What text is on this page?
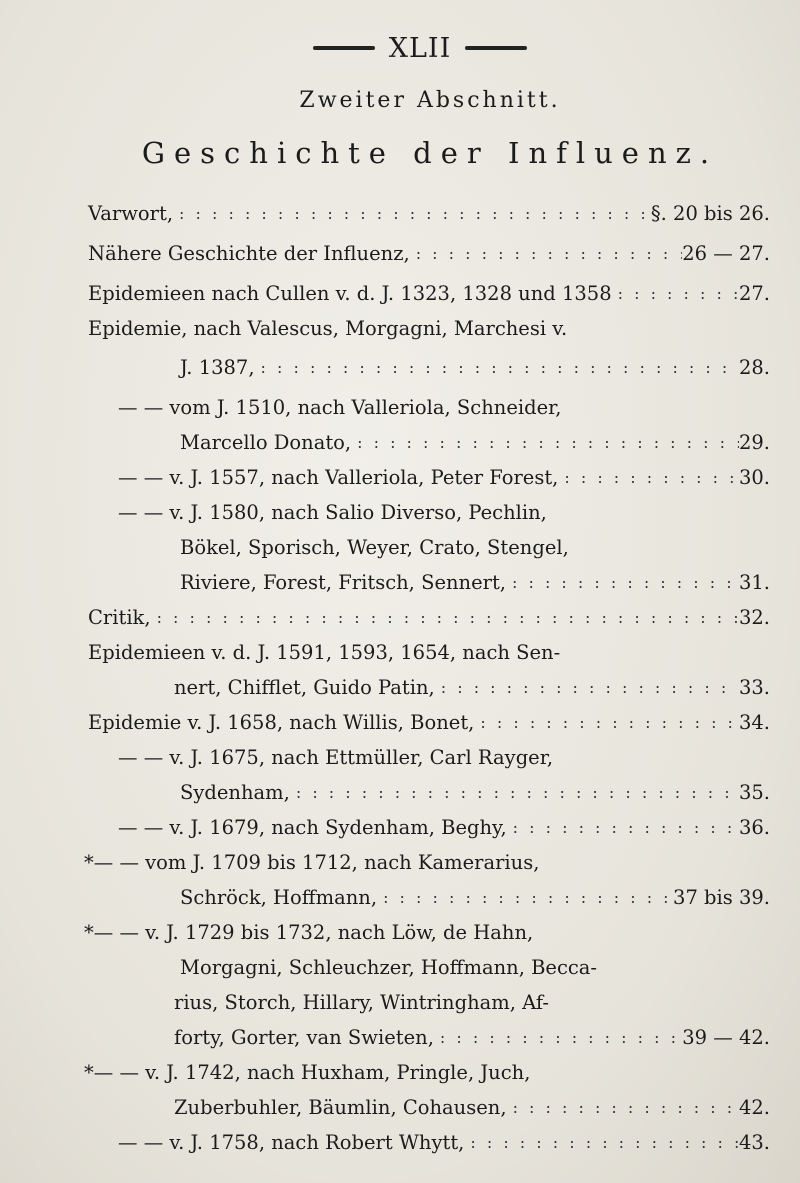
XLII
Zweiter Abschnitt.
Geschichte der Influenz.
Varwort, : : : : : : : : : : : : : : : : : : : : : : : : : : : : : : : : : : : : : : : : :	§. 20 bis 26.
Nähere Geschichte der Influenz, : : : : : : : : : : : : : : : : : : : : : : : : : : : : : : : : : : : : : : : : :	26 — 27.
Epidemieen nach Cullen v. d. J. 1323, 1328 und 1358 : : : : : : : : : : : : : : : : : : : : : : : : : : : : : : : : : : : : : : : : :	27.
Epidemie, nach Valescus, Morgagni, Marchesi v.
J. 1387, : : : : : : : : : : : : : : : : : : : : : : : : : : : : : : : : : : : : : : : : :	28.
— — vom J. 1510, nach Valleriola, Schneider,
Marcello Donato, : : : : : : : : : : : : : : : : : : : : : : : : : : : : : : : : : : : : : : : : :	29.
— — v. J. 1557, nach Valleriola, Peter Forest, : : : : : : : : : : : : : : : : : : : : : : : : : : : : : : : : : : : : : : : : :	30.
— — v. J. 1580, nach Salio Diverso, Pechlin,
Bökel, Sporisch, Weyer, Crato, Stengel,
Riviere, Forest, Fritsch, Sennert, : : : : : : : : : : : : : : : : : : : : : : : : : : : : : : : : : : : : : : : : :	31.
Critik, : : : : : : : : : : : : : : : : : : : : : : : : : : : : : : : : : : : : : : : : :	32.
Epidemieen v. d. J. 1591, 1593, 1654, nach Sen-
nert, Chifflet, Guido Patin, : : : : : : : : : : : : : : : : : : : : : : : : : : : : : : : : : : : : : : : : :	33.
Epidemie v. J. 1658, nach Willis, Bonet, : : : : : : : : : : : : : : : : : : : : : : : : : : : : : : : : : : : : : : : : :	34.
— — v. J. 1675, nach Ettmüller, Carl Rayger,
Sydenham, : : : : : : : : : : : : : : : : : : : : : : : : : : : : : : : : : : : : : : : : :	35.
— — v. J. 1679, nach Sydenham, Beghy, : : : : : : : : : : : : : : : : : : : : : : : : : : : : : : : : : : : : : : : : :	36.
*— — vom J. 1709 bis 1712, nach Kamerarius,
Schröck, Hoffmann, : : : : : : : : : : : : : : : : : : : : : : : : : : : : : : : : : : : : : : : : :	37 bis 39.
*— — v. J. 1729 bis 1732, nach Löw, de Hahn,
Morgagni, Schleuchzer, Hoffmann, Becca-
rius, Storch, Hillary, Wintringham, Af-
forty, Gorter, van Swieten, : : : : : : : : : : : : : : : : : : : : : : : : : : : : : : : : : : : : : : : : :	39 — 42.
*— — v. J. 1742, nach Huxham, Pringle, Juch,
Zuberbuhler, Bäumlin, Cohausen, : : : : : : : : : : : : : : : : : : : : : : : : : : : : : : : : : : : : : : : : :	42.
— — v. J. 1758, nach Robert Whytt, : : : : : : : : : : : : : : : : : : : : : : : : : : : : : : : : : : : : : : : : :	43.
